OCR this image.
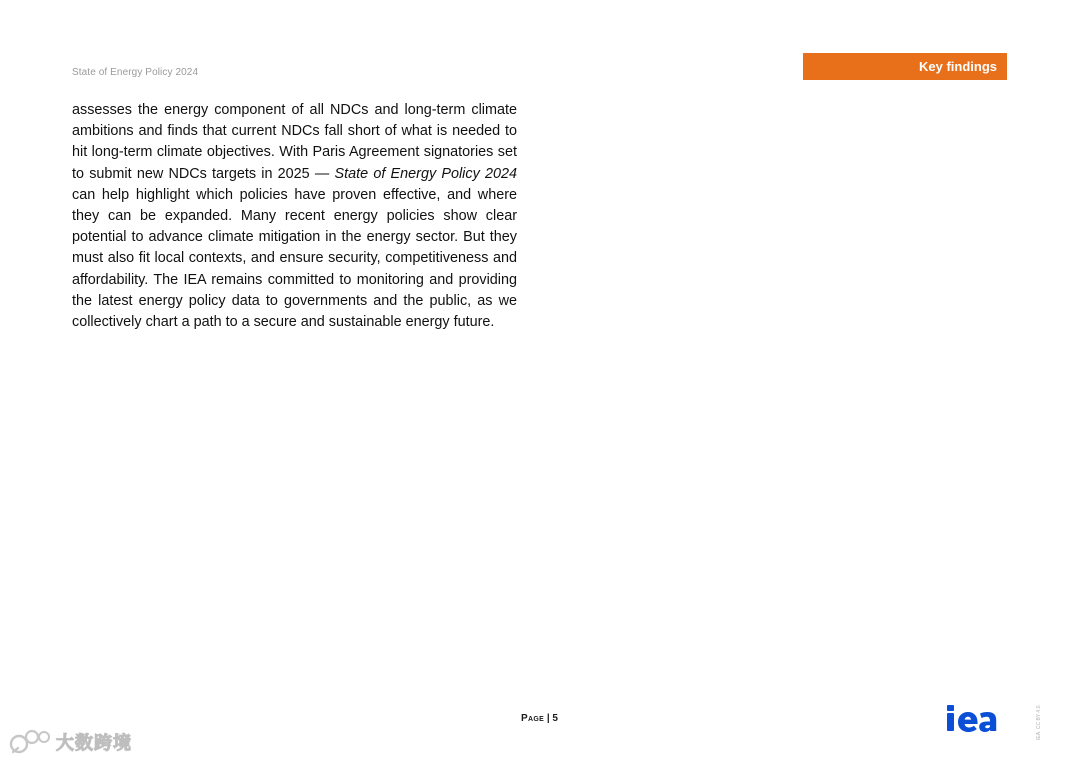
State of Energy Policy 2024	Key findings

assesses the energy component of all NDCs and long-term climate ambitions and finds that current NDCs fall short of what is needed to hit long-term climate objectives. With Paris Agreement signatories set to submit new NDCs targets in 2025 — State of Energy Policy 2024 can help highlight which policies have proven effective, and where they can be expanded. Many recent energy policies show clear potential to advance climate mitigation in the energy sector. But they must also fit local contexts, and ensure security, competitiveness and affordability. The IEA remains committed to monitoring and providing the latest energy policy data to governments and the public, as we collectively chart a path to a secure and sustainable energy future.

Page | 5	IEA. CC BY 4.0.
大数跨境
